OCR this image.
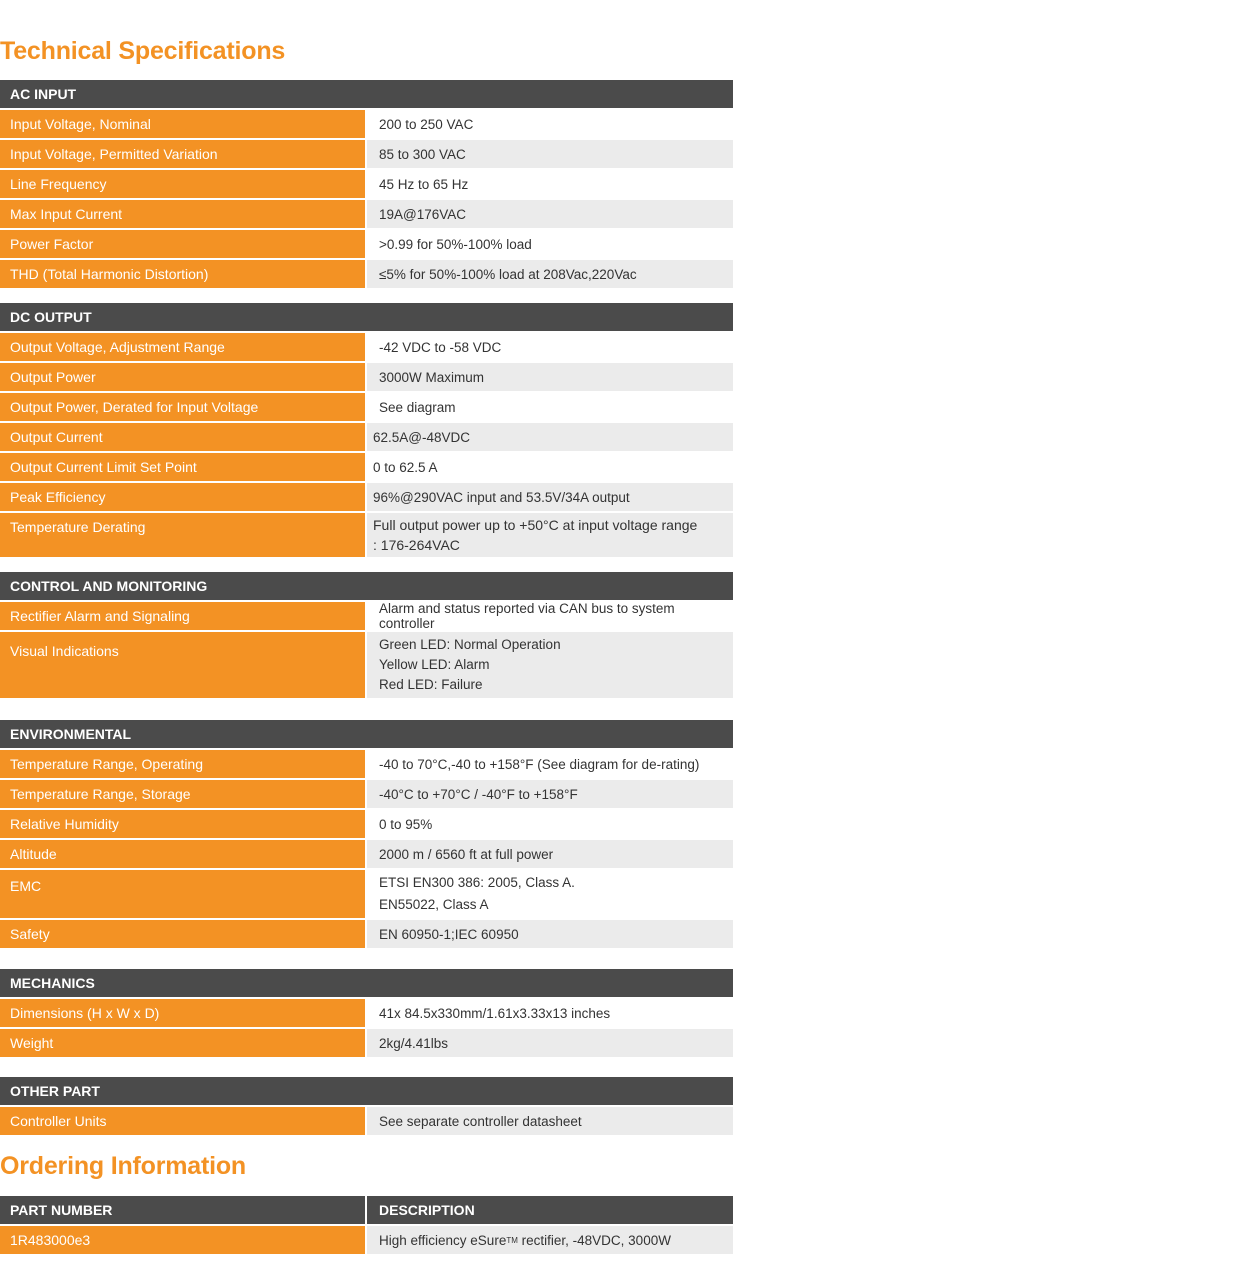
Technical Specifications
AC INPUT
Input Voltage, Nominal	200 to 250 VAC
Input Voltage, Permitted Variation	85 to 300 VAC
Line Frequency	45 Hz to 65 Hz
Max Input Current	19A@176VAC
Power Factor	>0.99 for 50%-100% load
THD (Total Harmonic Distortion)	≤5% for 50%-100% load at 208Vac,220Vac
DC OUTPUT
Output Voltage, Adjustment Range	-42 VDC to -58 VDC
Output Power	3000W Maximum
Output Power, Derated for Input Voltage	See diagram
Output Current	62.5A@-48VDC
Output Current Limit Set Point	0 to 62.5 A
Peak Efficiency	96%@290VAC input and 53.5V/34A output
Temperature Derating	Full output power up to +50°C at input voltage range
: 176-264VAC
CONTROL AND MONITORING
Rectifier Alarm and Signaling	Alarm and status reported via CAN bus to system controller
Visual Indications	Green LED: Normal Operation
Yellow LED: Alarm
Red LED: Failure
ENVIRONMENTAL
Temperature Range, Operating	-40 to 70°C,-40 to +158°F (See diagram for de-rating)
Temperature Range, Storage	-40°C to +70°C / -40°F to +158°F
Relative Humidity	0 to 95%
Altitude	2000 m / 6560 ft at full power
EMC	ETSI EN300 386: 2005, Class A.
EN55022, Class A
Safety	EN 60950-1;IEC 60950
MECHANICS
Dimensions (H x W x D)	41x 84.5x330mm/1.61x3.33x13 inches
Weight	2kg/4.41lbs
OTHER PART
Controller Units	See separate controller datasheet
Ordering Information
PART NUMBER	DESCRIPTION
1R483000e3	High efficiency eSure TM rectifier, -48VDC, 3000W
